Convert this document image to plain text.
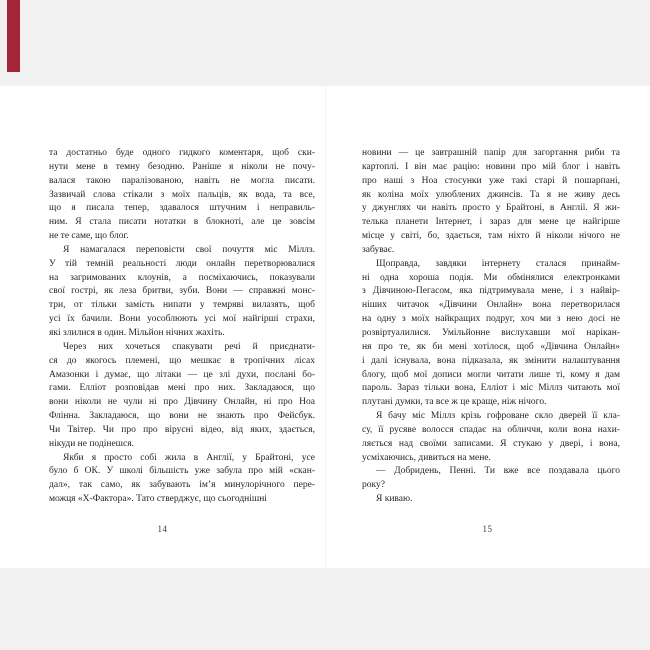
та достатньо буде одного гидкого коментаря, щоб ски-
нути мене в темну безодню. Раніше я ніколи не почу-
валася такою паралізованою, навіть не могла писати.
Зазвичай слова стікали з моїх пальців, як вода, та все,
що я писала тепер, здавалося штучним і неправиль-
ним. Я стала писати нотатки в блокноті, але це зовсім
не те саме, що блог.
Я намагалася переповісти свої почуття міс Міллз.
У тій темній реальності люди онлайн перетворювалися
на загримованих клоунів, а посміхаючись, показували
свої гострі, як леза бритви, зуби. Вони — справжні монс-
три, от тільки замість нипати у темряві вилазять, щоб
усі їх бачили. Вони уособлюють усі мої найгірші страхи,
які злилися в один. Мільйон нічних жахіть.
Через них хочеться спакувати речі й приєднати-
ся до якогось племені, що мешкає в тропічних лісах
Амазонки і думає, що літаки — це злі духи, послані бо-
гами. Елліот розповідав мені про них. Закладаюся, що
вони ніколи не чули ні про Дівчину Онлайн, ні про Ноа
Флінна. Закладаюся, що вони не знають про Фейсбук.
Чи Твітер. Чи про про вірусні відео, від яких, здається,
нікуди не подінешся.
Якби я просто собі жила в Англії, у Брайтоні, усе
було б ОК. У школі більшість уже забула про мій «скан-
дал», так само, як забувають ім’я минулорічного пере-
можця «Х-Фактора». Тато стверджує, що сьогоднішні
новини — це завтрашній папір для загортання риби та
картоплі. І він має рацію: новини про мій блог і навіть
про наші з Ноа стосунки уже такі старі й пошарпані,
як коліна моїх улюблених джинсів. Та я не живу десь
у джунглях чи навіть просто у Брайтоні, в Англії. Я жи-
телька планети Інтернет, і зараз для мене це найгірше
місце у світі, бо, здається, там ніхто й ніколи нічого не
забуває.
Щоправда, завдяки інтернету сталася принайм-
ні одна хороша подія. Ми обмінялися електронками
з Дівчиною-Пегасом, яка підтримувала мене, і з найвір-
ніших читачок «Дівчини Онлайн» вона перетворилася
на одну з моїх найкращих подруг, хоч ми з нею досі не
розвіртуалилися. Умільйонне вислухавши мої нарікан-
ня про те, як би мені хотілося, щоб «Дівчина Онлайн»
і далі існувала, вона підказала, як змінити налаштування
блогу, щоб мої дописи могли читати лише ті, кому я дам
пароль. Зараз тільки вона, Елліот і міс Міллз читають мої
плутані думки, та все ж це краще, ніж нічого.
Я бачу міс Міллз крізь гофроване скло дверей її кла-
су, її русяве волосся спадає на обличчя, коли вона нахи-
ляється над своїми записами. Я стукаю у двері, і вона,
усміхаючись, дивиться на мене.
— Добридень, Пенні. Ти вже все поздавала цього
року?
Я киваю.
14	15
